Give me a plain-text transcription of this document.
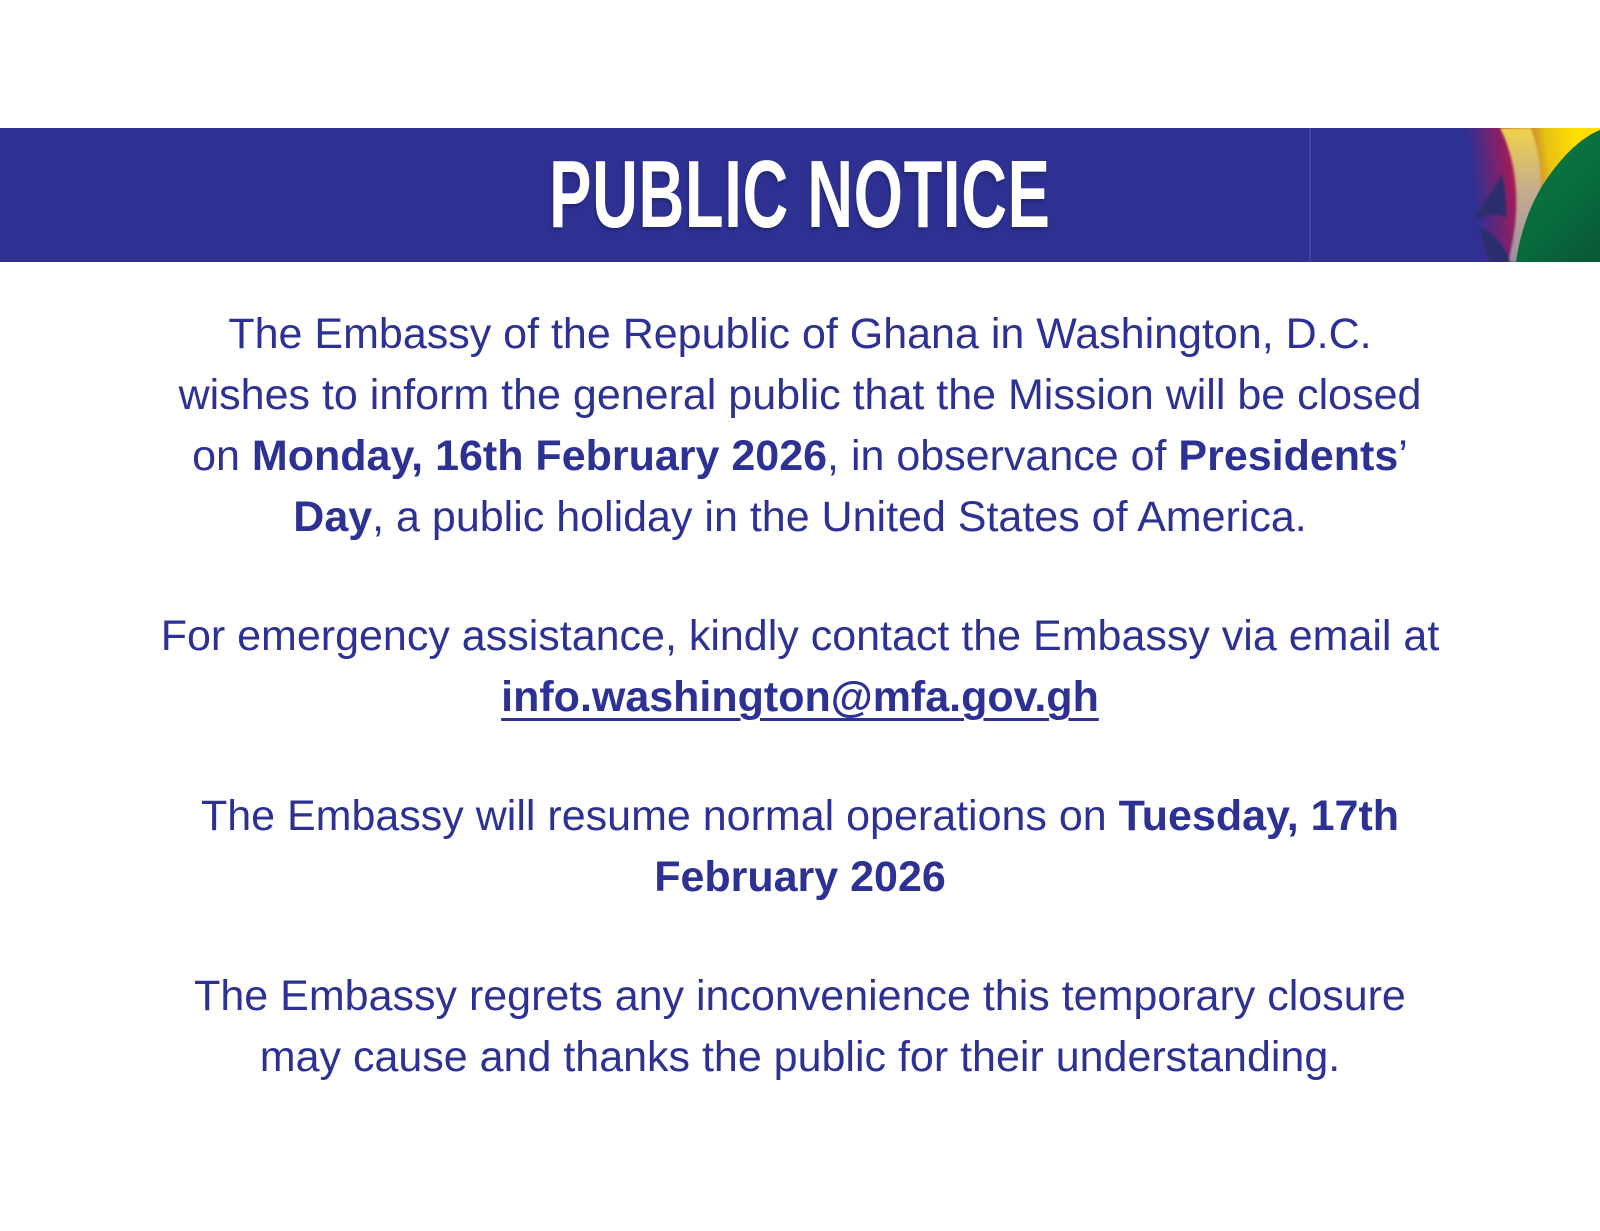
PUBLIC NOTICE

The Embassy of the Republic of Ghana in Washington, D.C.
wishes to inform the general public that the Mission will be closed
on Monday, 16th February 2026, in observance of Presidents’
Day, a public holiday in the United States of America.

For emergency assistance, kindly contact the Embassy via email at
info.washington@mfa.gov.gh

The Embassy will resume normal operations on Tuesday, 17th
February 2026

The Embassy regrets any inconvenience this temporary closure
may cause and thanks the public for their understanding.
